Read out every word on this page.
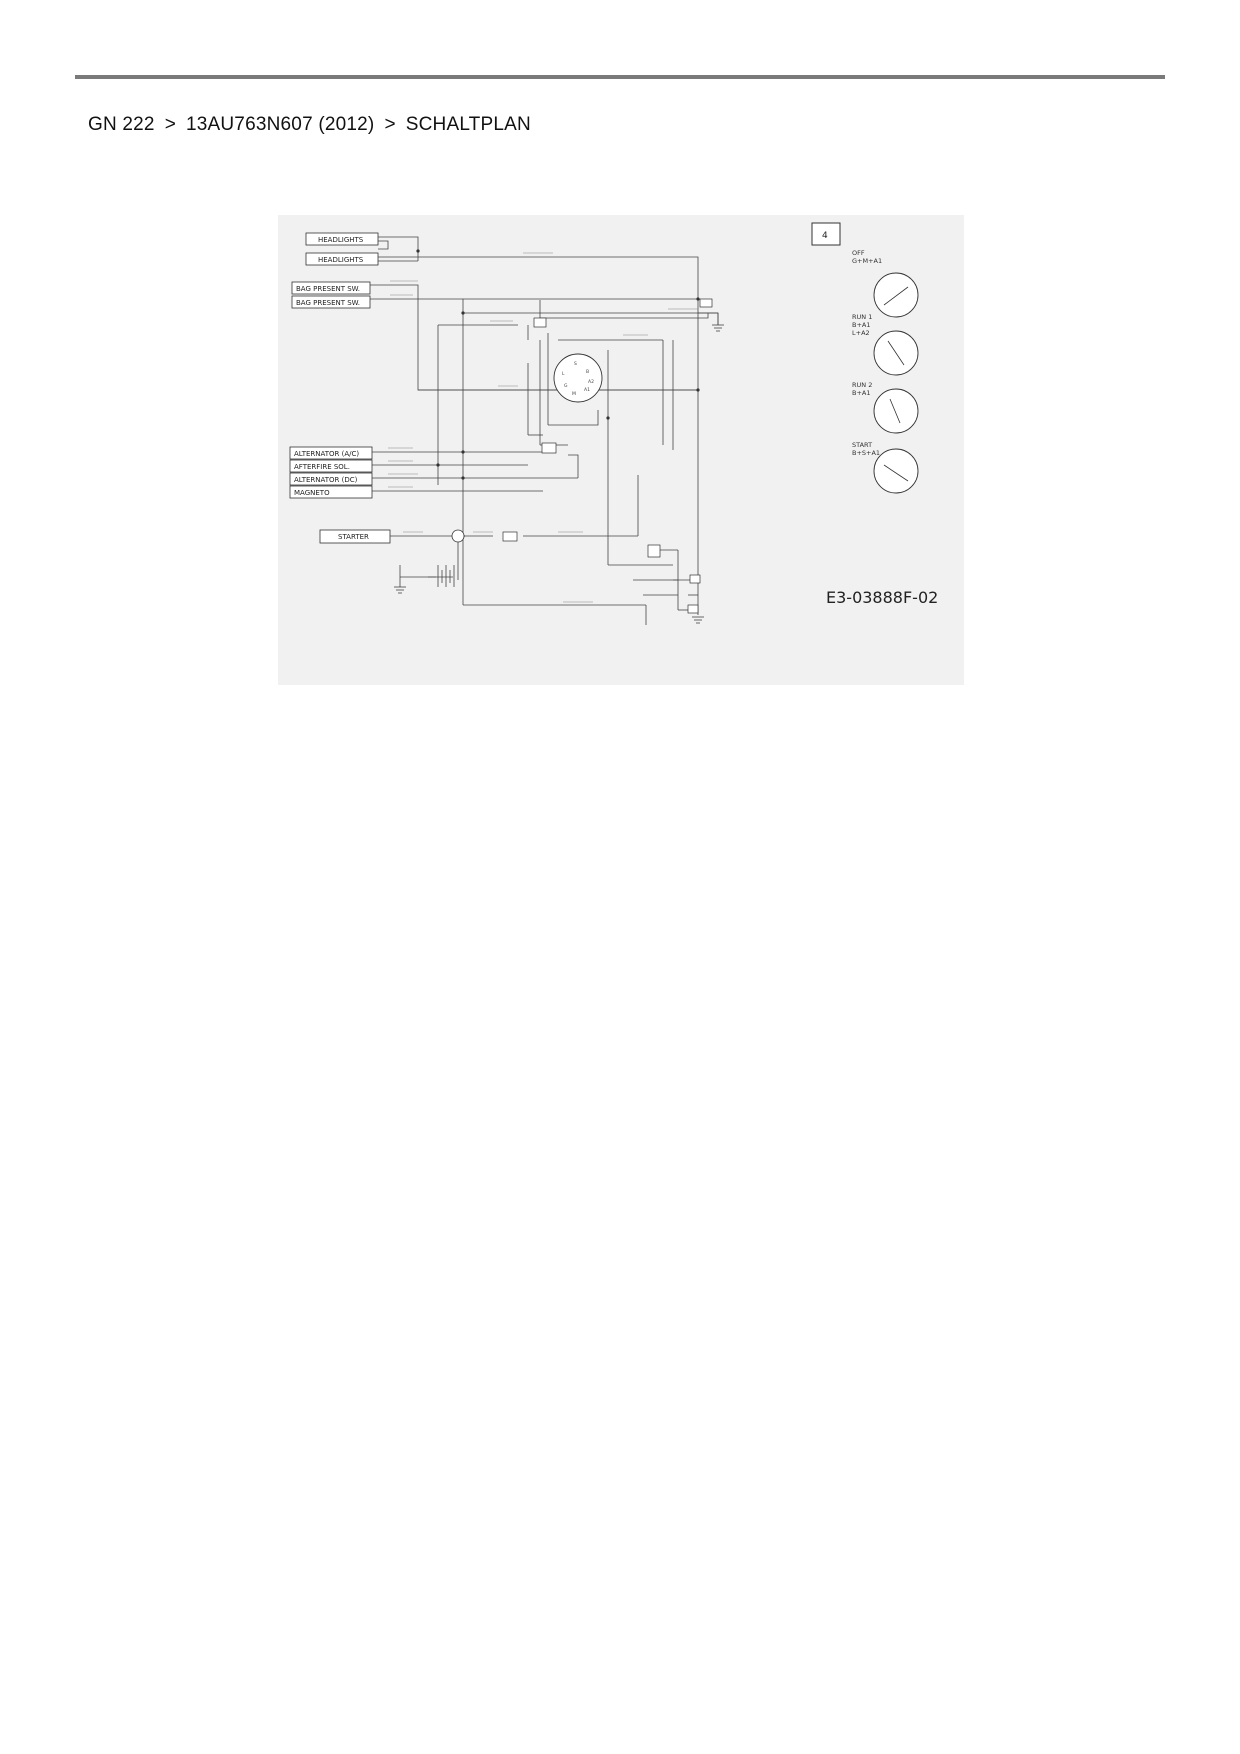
GN 222 > 13AU763N607 (2012) > SCHALTPLAN
4
HEADLIGHTS
HEADLIGHTS
BAG PRESENT SW.
BAG PRESENT SW.
ALTERNATOR (A/C)
AFTERFIRE SOL.
ALTERNATOR (DC)
MAGNETO
STARTER
S
B
L
G
M
A1
A2
OFF
G+M+A1
RUN 1
B+A1
L+A2
RUN 2
B+A1
START
B+S+A1
E3-03888F-02
